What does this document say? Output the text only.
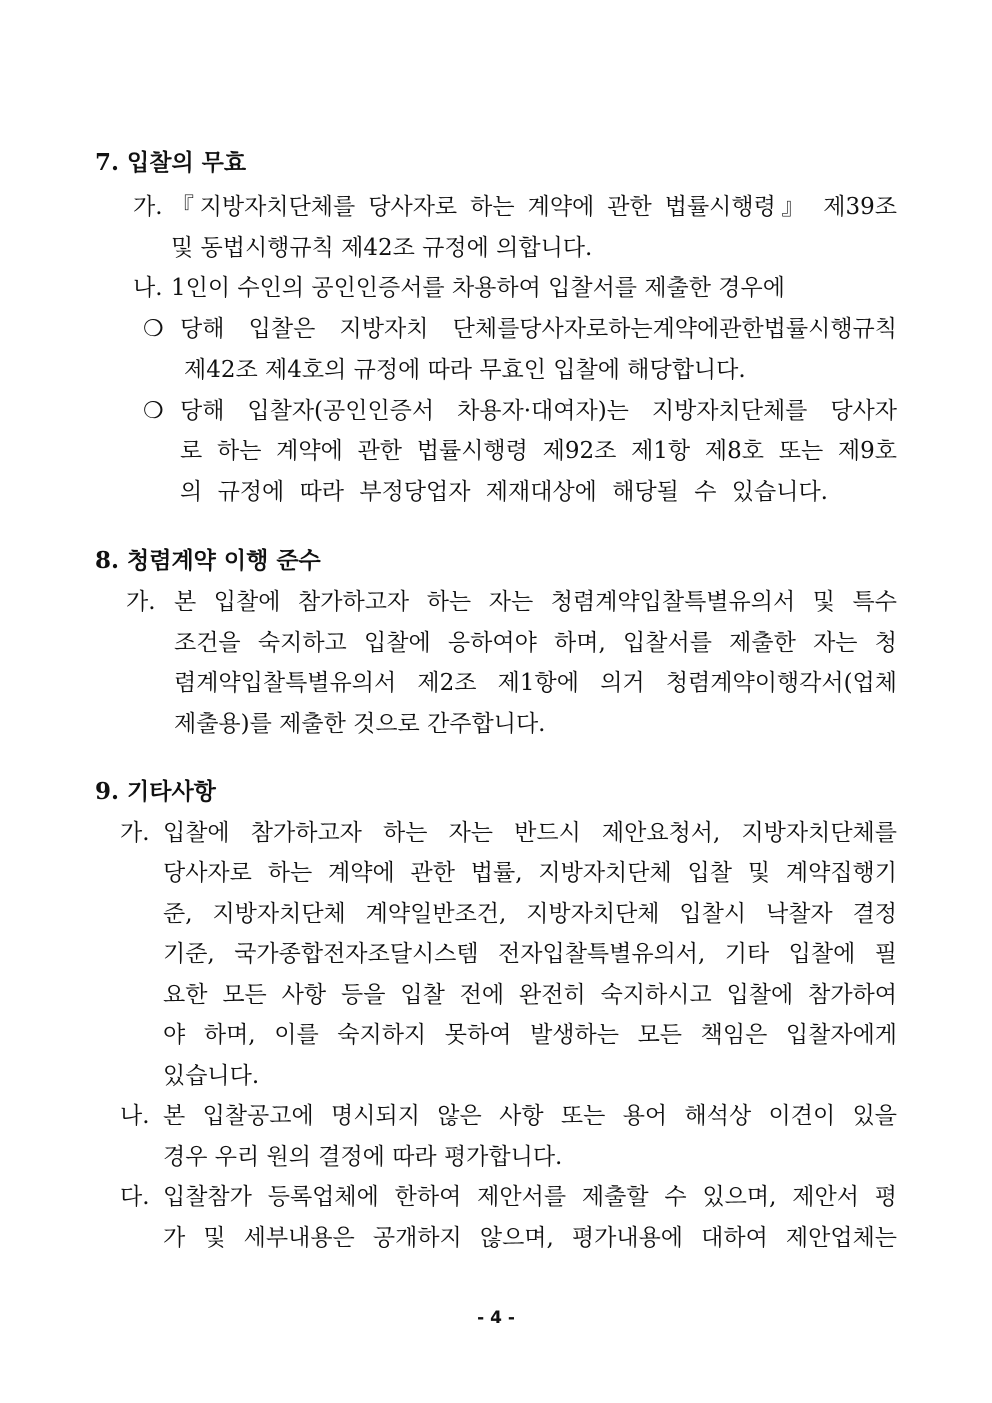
7. 입찰의 무효
가. 『지방자치단체를 당사자로 하는 계약에 관한 법률시행령』 제39조
및 동법시행규칙 제42조 규정에 의합니다.
나. 1인이 수인의 공인인증서를 차용하여 입찰서를 제출한 경우에
❍ 당해 입찰은 지방자치 단체를당사자로하는계약에관한법률시행규칙
제42조 제4호의 규정에 따라 무효인 입찰에 해당합니다.
❍ 당해 입찰자(공인인증서 차용자·대여자)는 지방자치단체를 당사자
로 하는 계약에 관한 법률시행령 제92조 제1항 제8호 또는 제9호
의 규정에 따라 부정당업자 제재대상에 해당될 수 있습니다.
8. 청렴계약 이행 준수
가. 본 입찰에 참가하고자 하는 자는 청렴계약입찰특별유의서 및 특수
조건을 숙지하고 입찰에 응하여야 하며, 입찰서를 제출한 자는 청
렴계약입찰특별유의서 제2조 제1항에 의거 청렴계약이행각서(업체
제출용)를 제출한 것으로 간주합니다.
9. 기타사항
가. 입찰에 참가하고자 하는 자는 반드시 제안요청서, 지방자치단체를
당사자로 하는 계약에 관한 법률, 지방자치단체 입찰 및 계약집행기
준, 지방자치단체 계약일반조건, 지방자치단체 입찰시 낙찰자 결정
기준, 국가종합전자조달시스템 전자입찰특별유의서, 기타 입찰에 필
요한 모든 사항 등을 입찰 전에 완전히 숙지하시고 입찰에 참가하여
야 하며, 이를 숙지하지 못하여 발생하는 모든 책임은 입찰자에게
있습니다.
나. 본 입찰공고에 명시되지 않은 사항 또는 용어 해석상 이견이 있을
경우 우리 원의 결정에 따라 평가합니다.
다. 입찰참가 등록업체에 한하여 제안서를 제출할 수 있으며, 제안서 평
가 및 세부내용은 공개하지 않으며, 평가내용에 대하여 제안업체는
- 4 -
